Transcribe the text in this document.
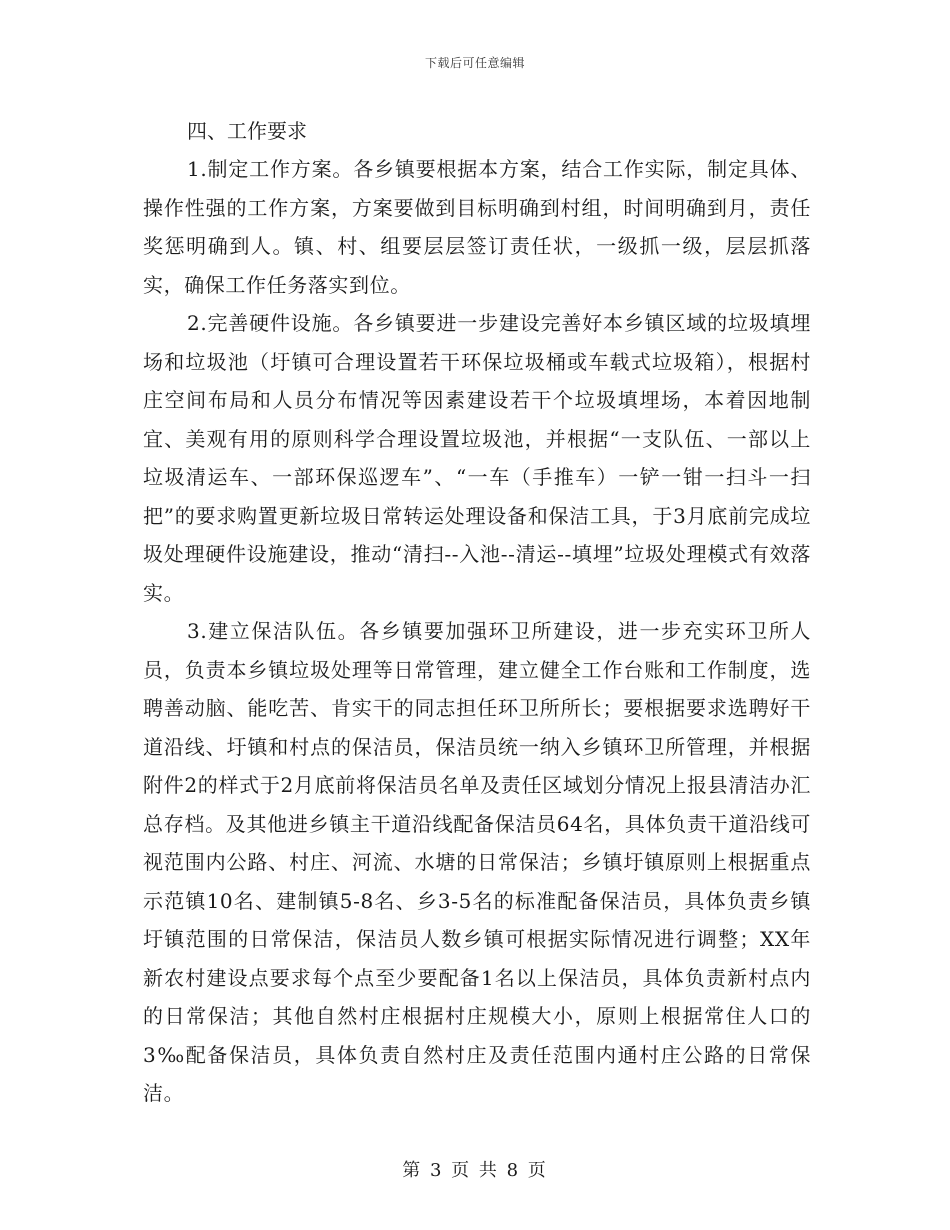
下载后可任意编辑

四、工作要求

1.制定工作方案。各乡镇要根据本方案，结合工作实际，制定具体、操作性强的工作方案，方案要做到目标明确到村组，时间明确到月，责任奖惩明确到人。镇、村、组要层层签订责任状，一级抓一级，层层抓落实，确保工作任务落实到位。

2.完善硬件设施。各乡镇要进一步建设完善好本乡镇区域的垃圾填埋场和垃圾池（圩镇可合理设置若干环保垃圾桶或车载式垃圾箱），根据村庄空间布局和人员分布情况等因素建设若干个垃圾填埋场，本着因地制宜、美观有用的原则科学合理设置垃圾池，并根据“一支队伍、一部以上垃圾清运车、一部环保巡逻车”、“一车（手推车）一铲一钳一扫斗一扫把”的要求购置更新垃圾日常转运处理设备和保洁工具，于3月底前完成垃圾处理硬件设施建设，推动“清扫--入池--清运--填埋”垃圾处理模式有效落实。

3.建立保洁队伍。各乡镇要加强环卫所建设，进一步充实环卫所人员，负责本乡镇垃圾处理等日常管理，建立健全工作台账和工作制度，选聘善动脑、能吃苦、肯实干的同志担任环卫所所长；要根据要求选聘好干道沿线、圩镇和村点的保洁员，保洁员统一纳入乡镇环卫所管理，并根据附件2的样式于2月底前将保洁员名单及责任区域划分情况上报县清洁办汇总存档。及其他进乡镇主干道沿线配备保洁员64名，具体负责干道沿线可视范围内公路、村庄、河流、水塘的日常保洁；乡镇圩镇原则上根据重点示范镇10名、建制镇5-8名、乡3-5名的标准配备保洁员，具体负责乡镇圩镇范围的日常保洁，保洁员人数乡镇可根据实际情况进行调整；XX年新农村建设点要求每个点至少要配备1名以上保洁员，具体负责新村点内的日常保洁；其他自然村庄根据村庄规模大小，原则上根据常住人口的3‰配备保洁员，具体负责自然村庄及责任范围内通村庄公路的日常保洁。

第 3 页 共 8 页
